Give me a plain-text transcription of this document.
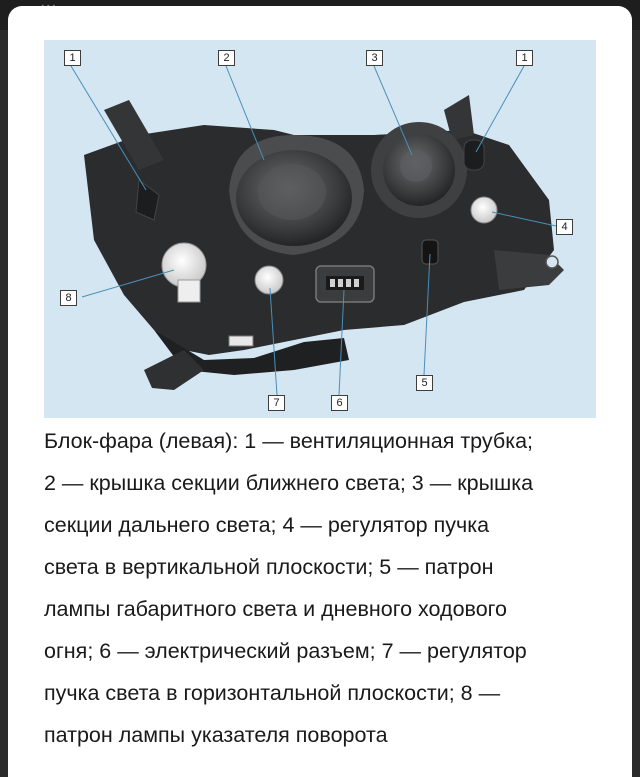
1	2	3	1
4
8
5
7	6
Блок-фара (левая): 1 — вентиляционная трубка;
2 — крышка секции ближнего света; 3 — крышка
секции дальнего света; 4 — регулятор пучка
света в вертикальной плоскости; 5 — патрон
лампы габаритного света и дневного ходового
огня; 6 — электрический разъем; 7 — регулятор
пучка света в горизонтальной плоскости; 8 —
патрон лампы указателя поворота
